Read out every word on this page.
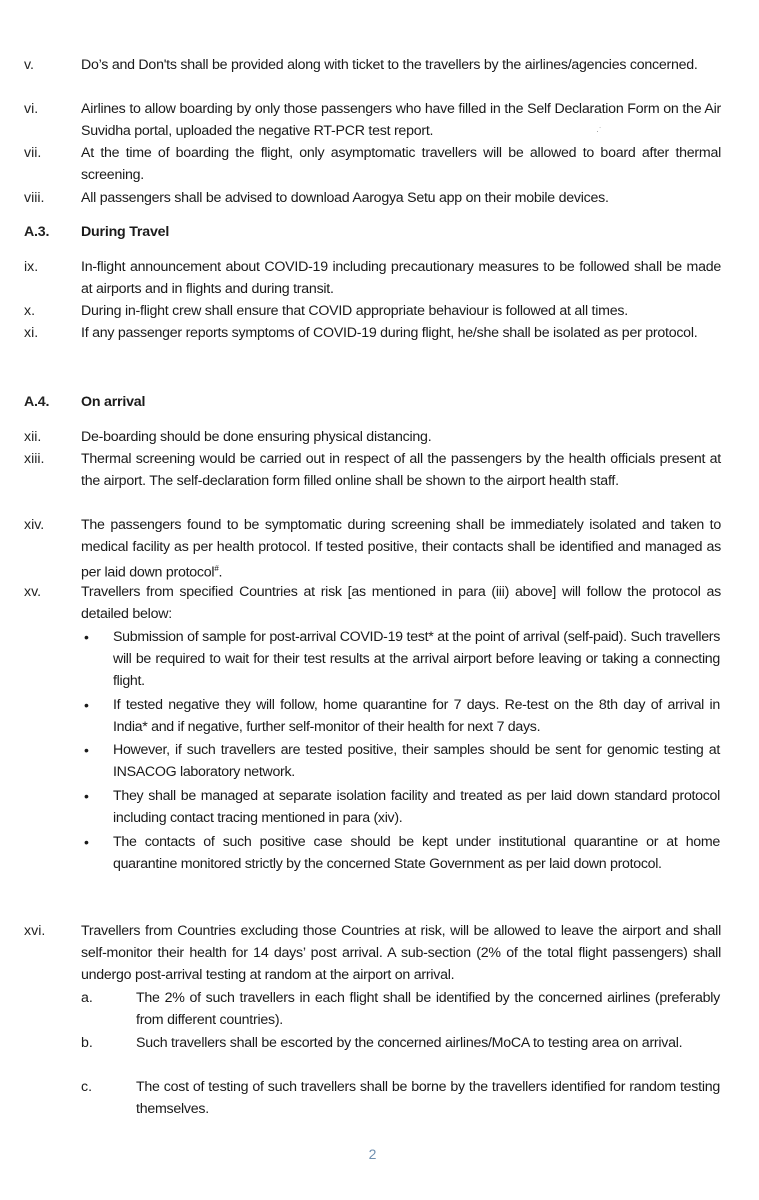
v.	Do’s and Don'ts shall be provided along with ticket to the travellers by the airlines/agencies concerned.
vi.	Airlines to allow boarding by only those passengers who have filled in the Self Declaration Form on the Air Suvidha portal, uploaded the negative RT-PCR test report.	·˙
vii.	At the time of boarding the flight, only asymptomatic travellers will be allowed to board after thermal screening.
viii.	All passengers shall be advised to download Aarogya Setu app on their mobile devices.
A.3.	During Travel
ix.	In-flight announcement about COVID-19 including precautionary measures to be followed shall be made at airports and in flights and during transit.
x.	During in-flight crew shall ensure that COVID appropriate behaviour is followed at all times.
xi.	If any passenger reports symptoms of COVID-19 during flight, he/she shall be isolated as per protocol.
A.4.	On arrival
xii.	De-boarding should be done ensuring physical distancing.
xiii.	Thermal screening would be carried out in respect of all the passengers by the health officials present at the airport. The self-declaration form filled online shall be shown to the airport health staff.
xiv.	The passengers found to be symptomatic during screening shall be immediately isolated and taken to medical facility as per health protocol. If tested positive, their contacts shall be identified and managed as per laid down protocol#.
xv.	Travellers from specified Countries at risk [as mentioned in para (iii) above] will follow the protocol as detailed below:
•	Submission of sample for post-arrival COVID-19 test* at the point of arrival (self-paid). Such travellers will be required to wait for their test results at the arrival airport before leaving or taking a connecting flight.
•	If tested negative they will follow, home quarantine for 7 days. Re-test on the 8th day of arrival in India* and if negative, further self-monitor of their health for next 7 days.
•	However, if such travellers are tested positive, their samples should be sent for genomic testing at INSACOG laboratory network.
•	They shall be managed at separate isolation facility and treated as per laid down standard protocol including contact tracing mentioned in para (xiv).
•	The contacts of such positive case should be kept under institutional quarantine or at home quarantine monitored strictly by the concerned State Government as per laid down protocol.
xvi.	Travellers from Countries excluding those Countries at risk, will be allowed to leave the airport and shall self-monitor their health for 14 days’ post arrival. A sub-section (2% of the total flight passengers) shall undergo post-arrival testing at random at the airport on arrival.
a.	The 2% of such travellers in each flight shall be identified by the concerned airlines (preferably from different countries).
b.	Such travellers shall be escorted by the concerned airlines/MoCA to testing area on arrival.
c.	The cost of testing of such travellers shall be borne by the travellers identified for random testing themselves.
2
